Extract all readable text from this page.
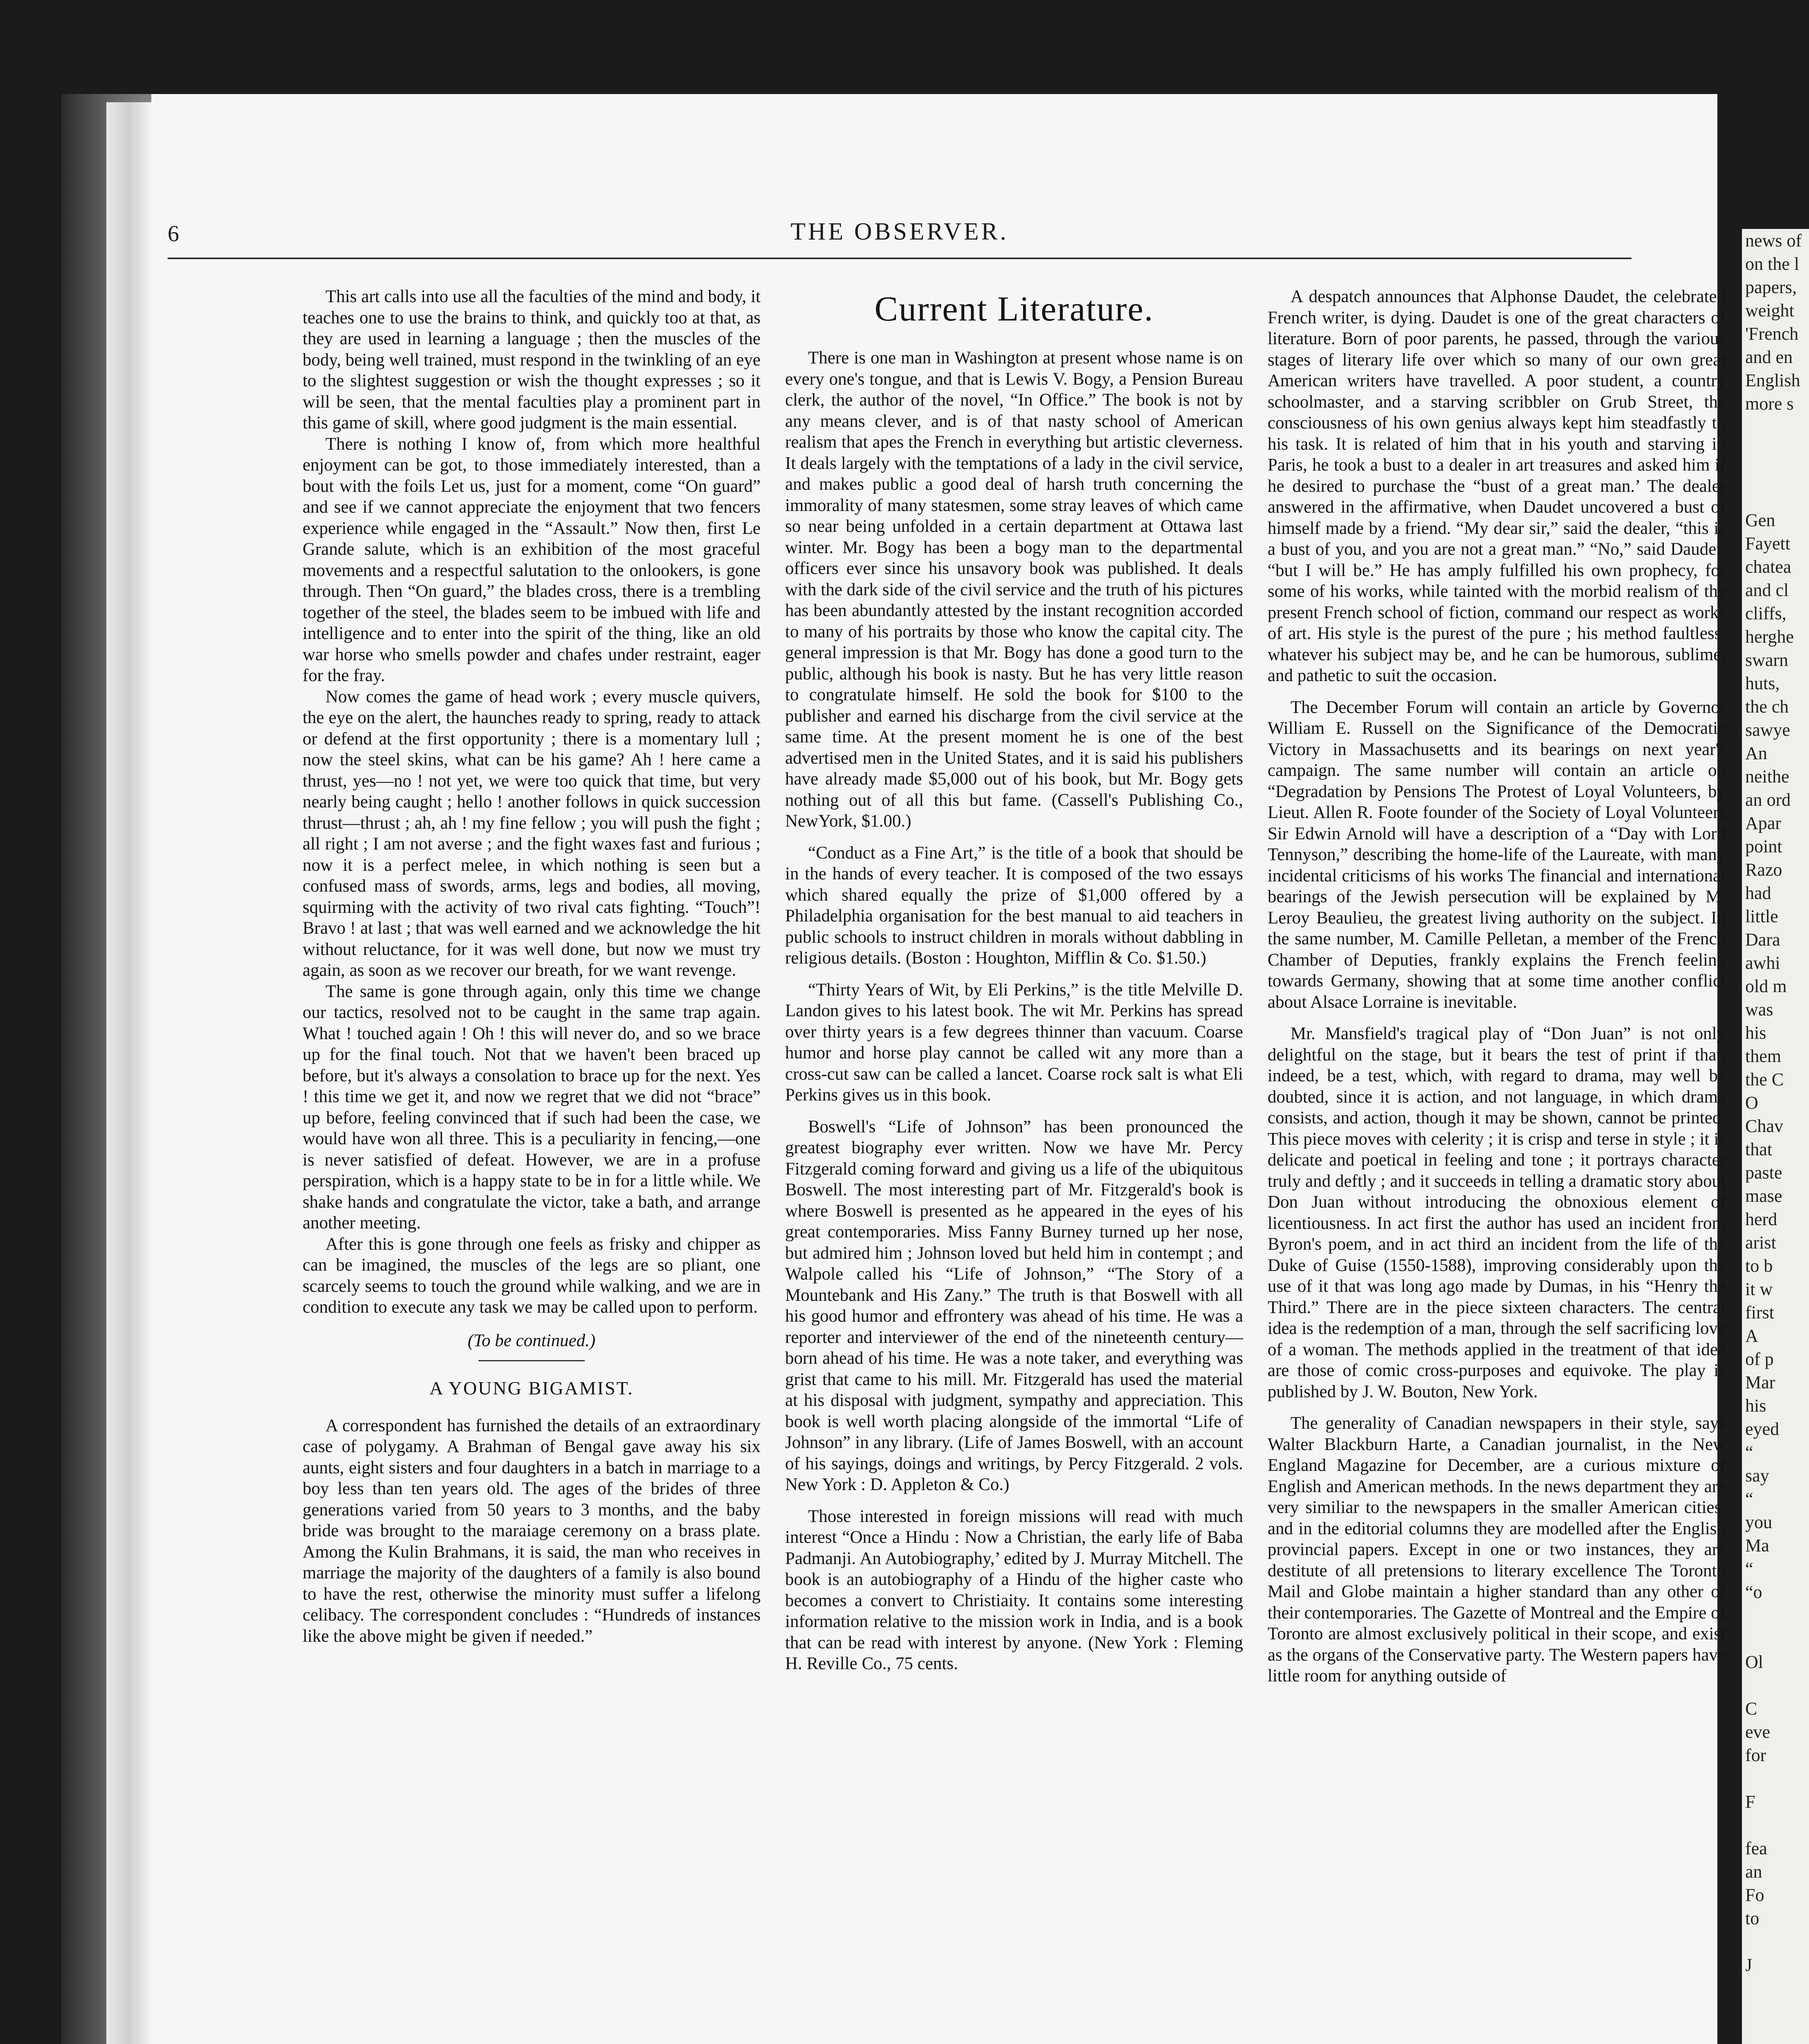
6	THE OBSERVER.

This art calls into use all the faculties of the mind and body, it teaches one to use the brains to think, and quickly too at that, as they are used in learning a language ; then the muscles of the body, being well trained, must respond in the twinkling of an eye to the slightest suggestion or wish the thought expresses ; so it will be seen, that the mental faculties play a prominent part in this game of skill, where good judgment is the main essential.

There is nothing I know of, from which more healthful enjoyment can be got, to those immediately interested, than a bout with the foils Let us, just for a moment, come “On guard” and see if we cannot appreciate the enjoyment that two fencers experience while engaged in the “Assault.” Now then, first Le Grande salute, which is an exhibition of the most graceful movements and a respectful salutation to the onlookers, is gone through. Then “On guard,” the blades cross, there is a trembling together of the steel, the blades seem to be imbued with life and intelligence and to enter into the spirit of the thing, like an old war horse who smells powder and chafes under restraint, eager for the fray.

Now comes the game of head work ; every muscle quivers, the eye on the alert, the haunches ready to spring, ready to attack or defend at the first opportunity ; there is a momentary lull ; now the steel skins, what can be his game? Ah ! here came a thrust, yes—no ! not yet, we were too quick that time, but very nearly being caught ; hello ! another follows in quick succession thrust—thrust ; ah, ah ! my fine fellow ; you will push the fight ; all right ; I am not averse ; and the fight waxes fast and furious ; now it is a perfect melee, in which nothing is seen but a confused mass of swords, arms, legs and bodies, all moving, squirming with the activity of two rival cats fighting. “Touch”! Bravo ! at last ; that was well earned and we acknowledge the hit without reluctance, for it was well done, but now we must try again, as soon as we recover our breath, for we want revenge.

The same is gone through again, only this time we change our tactics, resolved not to be caught in the same trap again. What ! touched again ! Oh ! this will never do, and so we brace up for the final touch. Not that we haven't been braced up before, but it's always a consolation to brace up for the next. Yes ! this time we get it, and now we regret that we did not “brace” up before, feeling convinced that if such had been the case, we would have won all three. This is a peculiarity in fencing,—one is never satisfied of defeat. However, we are in a profuse perspiration, which is a happy state to be in for a little while. We shake hands and congratulate the victor, take a bath, and arrange another meeting.

After this is gone through one feels as frisky and chipper as can be imagined, the muscles of the legs are so pliant, one scarcely seems to touch the ground while walking, and we are in condition to execute any task we may be called upon to perform.

(To be continued.)
A YOUNG BIGAMIST.

A correspondent has furnished the details of an extraordinary case of polygamy. A Brahman of Bengal gave away his six aunts, eight sisters and four daughters in a batch in marriage to a boy less than ten years old. The ages of the brides of three generations varied from 50 years to 3 months, and the baby bride was brought to the maraiage ceremony on a brass plate. Among the Kulin Brahmans, it is said, the man who receives in marriage the majority of the daughters of a family is also bound to have the rest, otherwise the minority must suffer a lifelong celibacy. The correspondent concludes : “Hundreds of instances like the above might be given if needed.”

Current Literature.

There is one man in Washington at present whose name is on every one's tongue, and that is Lewis V. Bogy, a Pension Bureau clerk, the author of the novel, “In Office.” The book is not by any means clever, and is of that nasty school of American realism that apes the French in everything but artistic cleverness. It deals largely with the temptations of a lady in the civil service, and makes public a good deal of harsh truth concerning the immorality of many statesmen, some stray leaves of which came so near being unfolded in a certain department at Ottawa last winter. Mr. Bogy has been a bogy man to the departmental officers ever since his unsavory book was published. It deals with the dark side of the civil service and the truth of his pictures has been abundantly attested by the instant recognition accorded to many of his portraits by those who know the capital city. The general impression is that Mr. Bogy has done a good turn to the public, although his book is nasty. But he has very little reason to congratulate himself. He sold the book for $100 to the publisher and earned his discharge from the civil service at the same time. At the present moment he is one of the best advertised men in the United States, and it is said his publishers have already made $5,000 out of his book, but Mr. Bogy gets nothing out of all this but fame. (Cassell's Publishing Co., NewYork, $1.00.)

“Conduct as a Fine Art,” is the title of a book that should be in the hands of every teacher. It is composed of the two essays which shared equally the prize of $1,000 offered by a Philadelphia organisation for the best manual to aid teachers in public schools to instruct children in morals without dabbling in religious details. (Boston : Houghton, Mifflin & Co. $1.50.)

“Thirty Years of Wit, by Eli Perkins,” is the title Melville D. Landon gives to his latest book. The wit Mr. Perkins has spread over thirty years is a few degrees thinner than vacuum. Coarse humor and horse play cannot be called wit any more than a cross-cut saw can be called a lancet. Coarse rock salt is what Eli Perkins gives us in this book.

Boswell's “Life of Johnson” has been pronounced the greatest biography ever written. Now we have Mr. Percy Fitzgerald coming forward and giving us a life of the ubiquitous Boswell. The most interesting part of Mr. Fitzgerald's book is where Boswell is presented as he appeared in the eyes of his great contemporaries. Miss Fanny Burney turned up her nose, but admired him ; Johnson loved but held him in contempt ; and Walpole called his “Life of Johnson,” “The Story of a Mountebank and His Zany.” The truth is that Boswell with all his good humor and effrontery was ahead of his time. He was a reporter and interviewer of the end of the nineteenth century—born ahead of his time. He was a note taker, and everything was grist that came to his mill. Mr. Fitzgerald has used the material at his disposal with judgment, sympathy and appreciation. This book is well worth placing alongside of the immortal “Life of Johnson” in any library. (Life of James Boswell, with an account of his sayings, doings and writings, by Percy Fitzgerald. 2 vols. New York : D. Appleton & Co.)

Those interested in foreign missions will read with much interest “Once a Hindu : Now a Christian, the early life of Baba Padmanji. An Autobiography,’ edited by J. Murray Mitchell. The book is an autobiography of a Hindu of the higher caste who becomes a convert to Christiaity. It contains some interesting information relative to the mission work in India, and is a book that can be read with interest by anyone. (New York : Fleming H. Reville Co., 75 cents.

A despatch announces that Alphonse Daudet, the celebrated French writer, is dying. Daudet is one of the great characters of literature. Born of poor parents, he passed, through the various stages of literary life over which so many of our own great American writers have travelled. A poor student, a country schoolmaster, and a starving scribbler on Grub Street, the consciousness of his own genius always kept him steadfastly to his task. It is related of him that in his youth and starving in Paris, he took a bust to a dealer in art treasures and asked him if he desired to purchase the “bust of a great man.’ The dealer answered in the affirmative, when Daudet uncovered a bust of himself made by a friend. “My dear sir,” said the dealer, “this is a bust of you, and you are not a great man.” “No,” said Daudet, “but I will be.” He has amply fulfilled his own prophecy, for some of his works, while tainted with the morbid realism of the present French school of fiction, command our respect as works of art. His style is the purest of the pure ; his method faultless, whatever his subject may be, and he can be humorous, sublime, and pathetic to suit the occasion.

The December Forum will contain an article by Governor William E. Russell on the Significance of the Democratic Victory in Massachusetts and its bearings on next year's campaign. The same number will contain an article on “Degradation by Pensions The Protest of Loyal Volunteers, by Lieut. Allen R. Foote founder of the Society of Loyal Volunteers Sir Edwin Arnold will have a description of a “Day with Lord Tennyson,” describing the home-life of the Laureate, with many incidental criticisms of his works The financial and international bearings of the Jewish persecution will be explained by M. Leroy Beaulieu, the greatest living authority on the subject. In the same number, M. Camille Pelletan, a member of the French Chamber of Deputies, frankly explains the French feeling towards Germany, showing that at some time another conflict about Alsace Lorraine is inevitable.

Mr. Mansfield's tragical play of “Don Juan” is not only delightful on the stage, but it bears the test of print if that, indeed, be a test, which, with regard to drama, may well be doubted, since it is action, and not language, in which drama consists, and action, though it may be shown, cannot be printed. This piece moves with celerity ; it is crisp and terse in style ; it is delicate and poetical in feeling and tone ; it portrays character truly and deftly ; and it succeeds in telling a dramatic story about Don Juan without introducing the obnoxious element of licentiousness. In act first the author has used an incident from Byron's poem, and in act third an incident from the life of the Duke of Guise (1550-1588), improving considerably upon the use of it that was long ago made by Dumas, in his “Henry the Third.” There are in the piece sixteen characters. The central idea is the redemption of a man, through the self sacrificing love of a woman. The methods applied in the treatment of that idea are those of comic cross-purposes and equivoke. The play is published by J. W. Bouton, New York.

The generality of Canadian newspapers in their style, says Walter Blackburn Harte, a Canadian journalist, in the New England Magazine for December, are a curious mixture of English and American methods. In the news department they are very similiar to the newspapers in the smaller American cities, and in the editorial columns they are modelled after the English provincial papers. Except in one or two instances, they are destitute of all pretensions to literary excellence The Toronto Mail and Globe maintain a higher standard than any other of their contemporaries. The Gazette of Montreal and the Empire of Toronto are almost exclusively political in their scope, and exist as the organs of the Conservative party. The Western papers have little room for anything outside of

news of
on the l
papers,
weight
'French
and en
English
more s

Gen
Fayett
chatea
and cl
cliffs,
herghe
swarn
huts,
the ch
sawye
An
neithe
an ord
Apar
point
Razo
had
little
Dara
awhi
old m
was
his
them
the C
O
Chav
that
paste
mase
herd
arist
to b
it w
first
A
of p
Mar
his
eyed
“
say
“
you
Ma
“
“o

Ol

C
eve
for

F

fea
an
Fo
to

J
